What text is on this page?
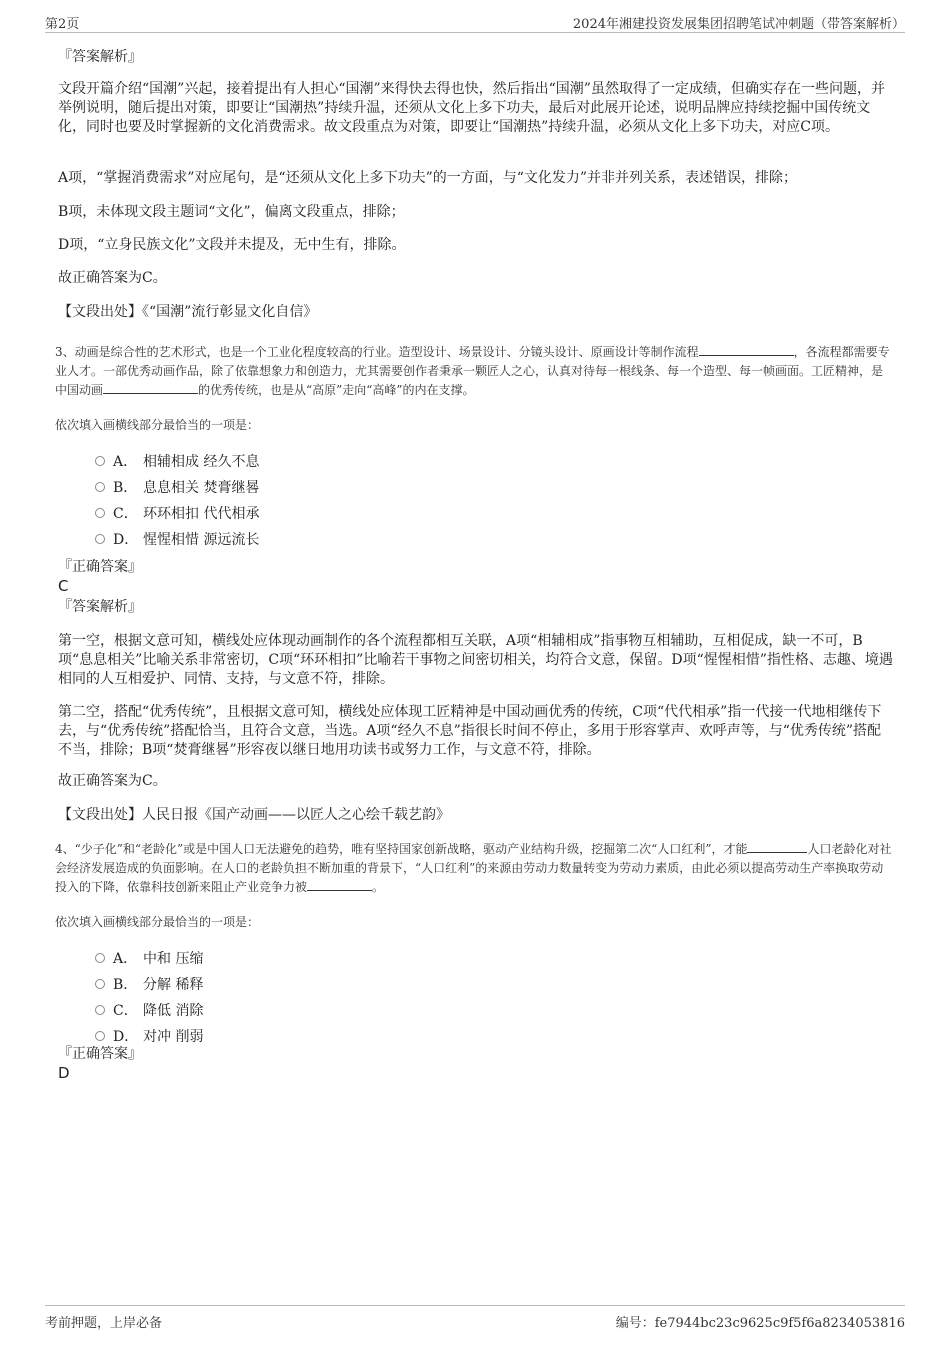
第2页	2024年湘建投资发展集团招聘笔试冲刺题（带答案解析）
『答案解析』

文段开篇介绍“国潮”兴起，接着提出有人担心“国潮”来得快去得也快，然后指出“国潮”虽然取得了一定成绩，但确实存在一些问题，并举例说明，随后提出对策，即要让“国潮热”持续升温，还须从文化上多下功夫，最后对此展开论述，说明品牌应持续挖掘中国传统文化，同时也要及时掌握新的文化消费需求。故文段重点为对策，即要让“国潮热”持续升温，必须从文化上多下功夫，对应C项。

A项，“掌握消费需求”对应尾句，是“还须从文化上多下功夫”的一方面，与“文化发力”并非并列关系，表述错误，排除；

B项，未体现文段主题词“文化”，偏离文段重点，排除；

D项，“立身民族文化”文段并未提及，无中生有，排除。

故正确答案为C。

【文段出处】《“国潮”流行彰显文化自信》

3、动画是综合性的艺术形式，也是一个工业化程度较高的行业。造型设计、场景设计、分镜头设计、原画设计等制作流程	，各流程都需要专业人才。一部优秀动画作品，除了依靠想象力和创造力，尤其需要创作者秉承一颗匠人之心，认真对待每一根线条、每一个造型、每一帧画面。工匠精神，是中国动画	的优秀传统，也是从“高原”走向“高峰”的内在支撑。

依次填入画横线部分最恰当的一项是：

A． 相辅相成 经久不息
B． 息息相关 焚膏继晷
C． 环环相扣 代代相承
D． 惺惺相惜 源远流长
『正确答案』
C
『答案解析』

第一空，根据文意可知，横线处应体现动画制作的各个流程都相互关联，A项“相辅相成”指事物互相辅助，互相促成，缺一不可，B项“息息相关”比喻关系非常密切，C项“环环相扣”比喻若干事物之间密切相关，均符合文意，保留。D项“惺惺相惜”指性格、志趣、境遇相同的人互相爱护、同情、支持，与文意不符，排除。

第二空，搭配“优秀传统”，且根据文意可知，横线处应体现工匠精神是中国动画优秀的传统，C项“代代相承”指一代接一代地相继传下去，与“优秀传统”搭配恰当，且符合文意，当选。A项“经久不息”指很长时间不停止，多用于形容掌声、欢呼声等，与“优秀传统”搭配不当，排除；B项“焚膏继晷”形容夜以继日地用功读书或努力工作，与文意不符，排除。

故正确答案为C。

【文段出处】人民日报《国产动画——以匠人之心绘千载艺韵》

4、“少子化”和“老龄化”或是中国人口无法避免的趋势，唯有坚持国家创新战略，驱动产业结构升级，挖掘第二次“人口红利”，才能	人口老龄化对社会经济发展造成的负面影响。在人口的老龄负担不断加重的背景下，“人口红利”的来源由劳动力数量转变为劳动力素质，由此必须以提高劳动生产率换取劳动投入的下降，依靠科技创新来阻止产业竞争力被	。

依次填入画横线部分最恰当的一项是：

A． 中和 压缩
B． 分解 稀释
C． 降低 消除
D． 对冲 削弱
『正确答案』
D
考前押题，上岸必备	编号：fe7944bc23c9625c9f5f6a8234053816
